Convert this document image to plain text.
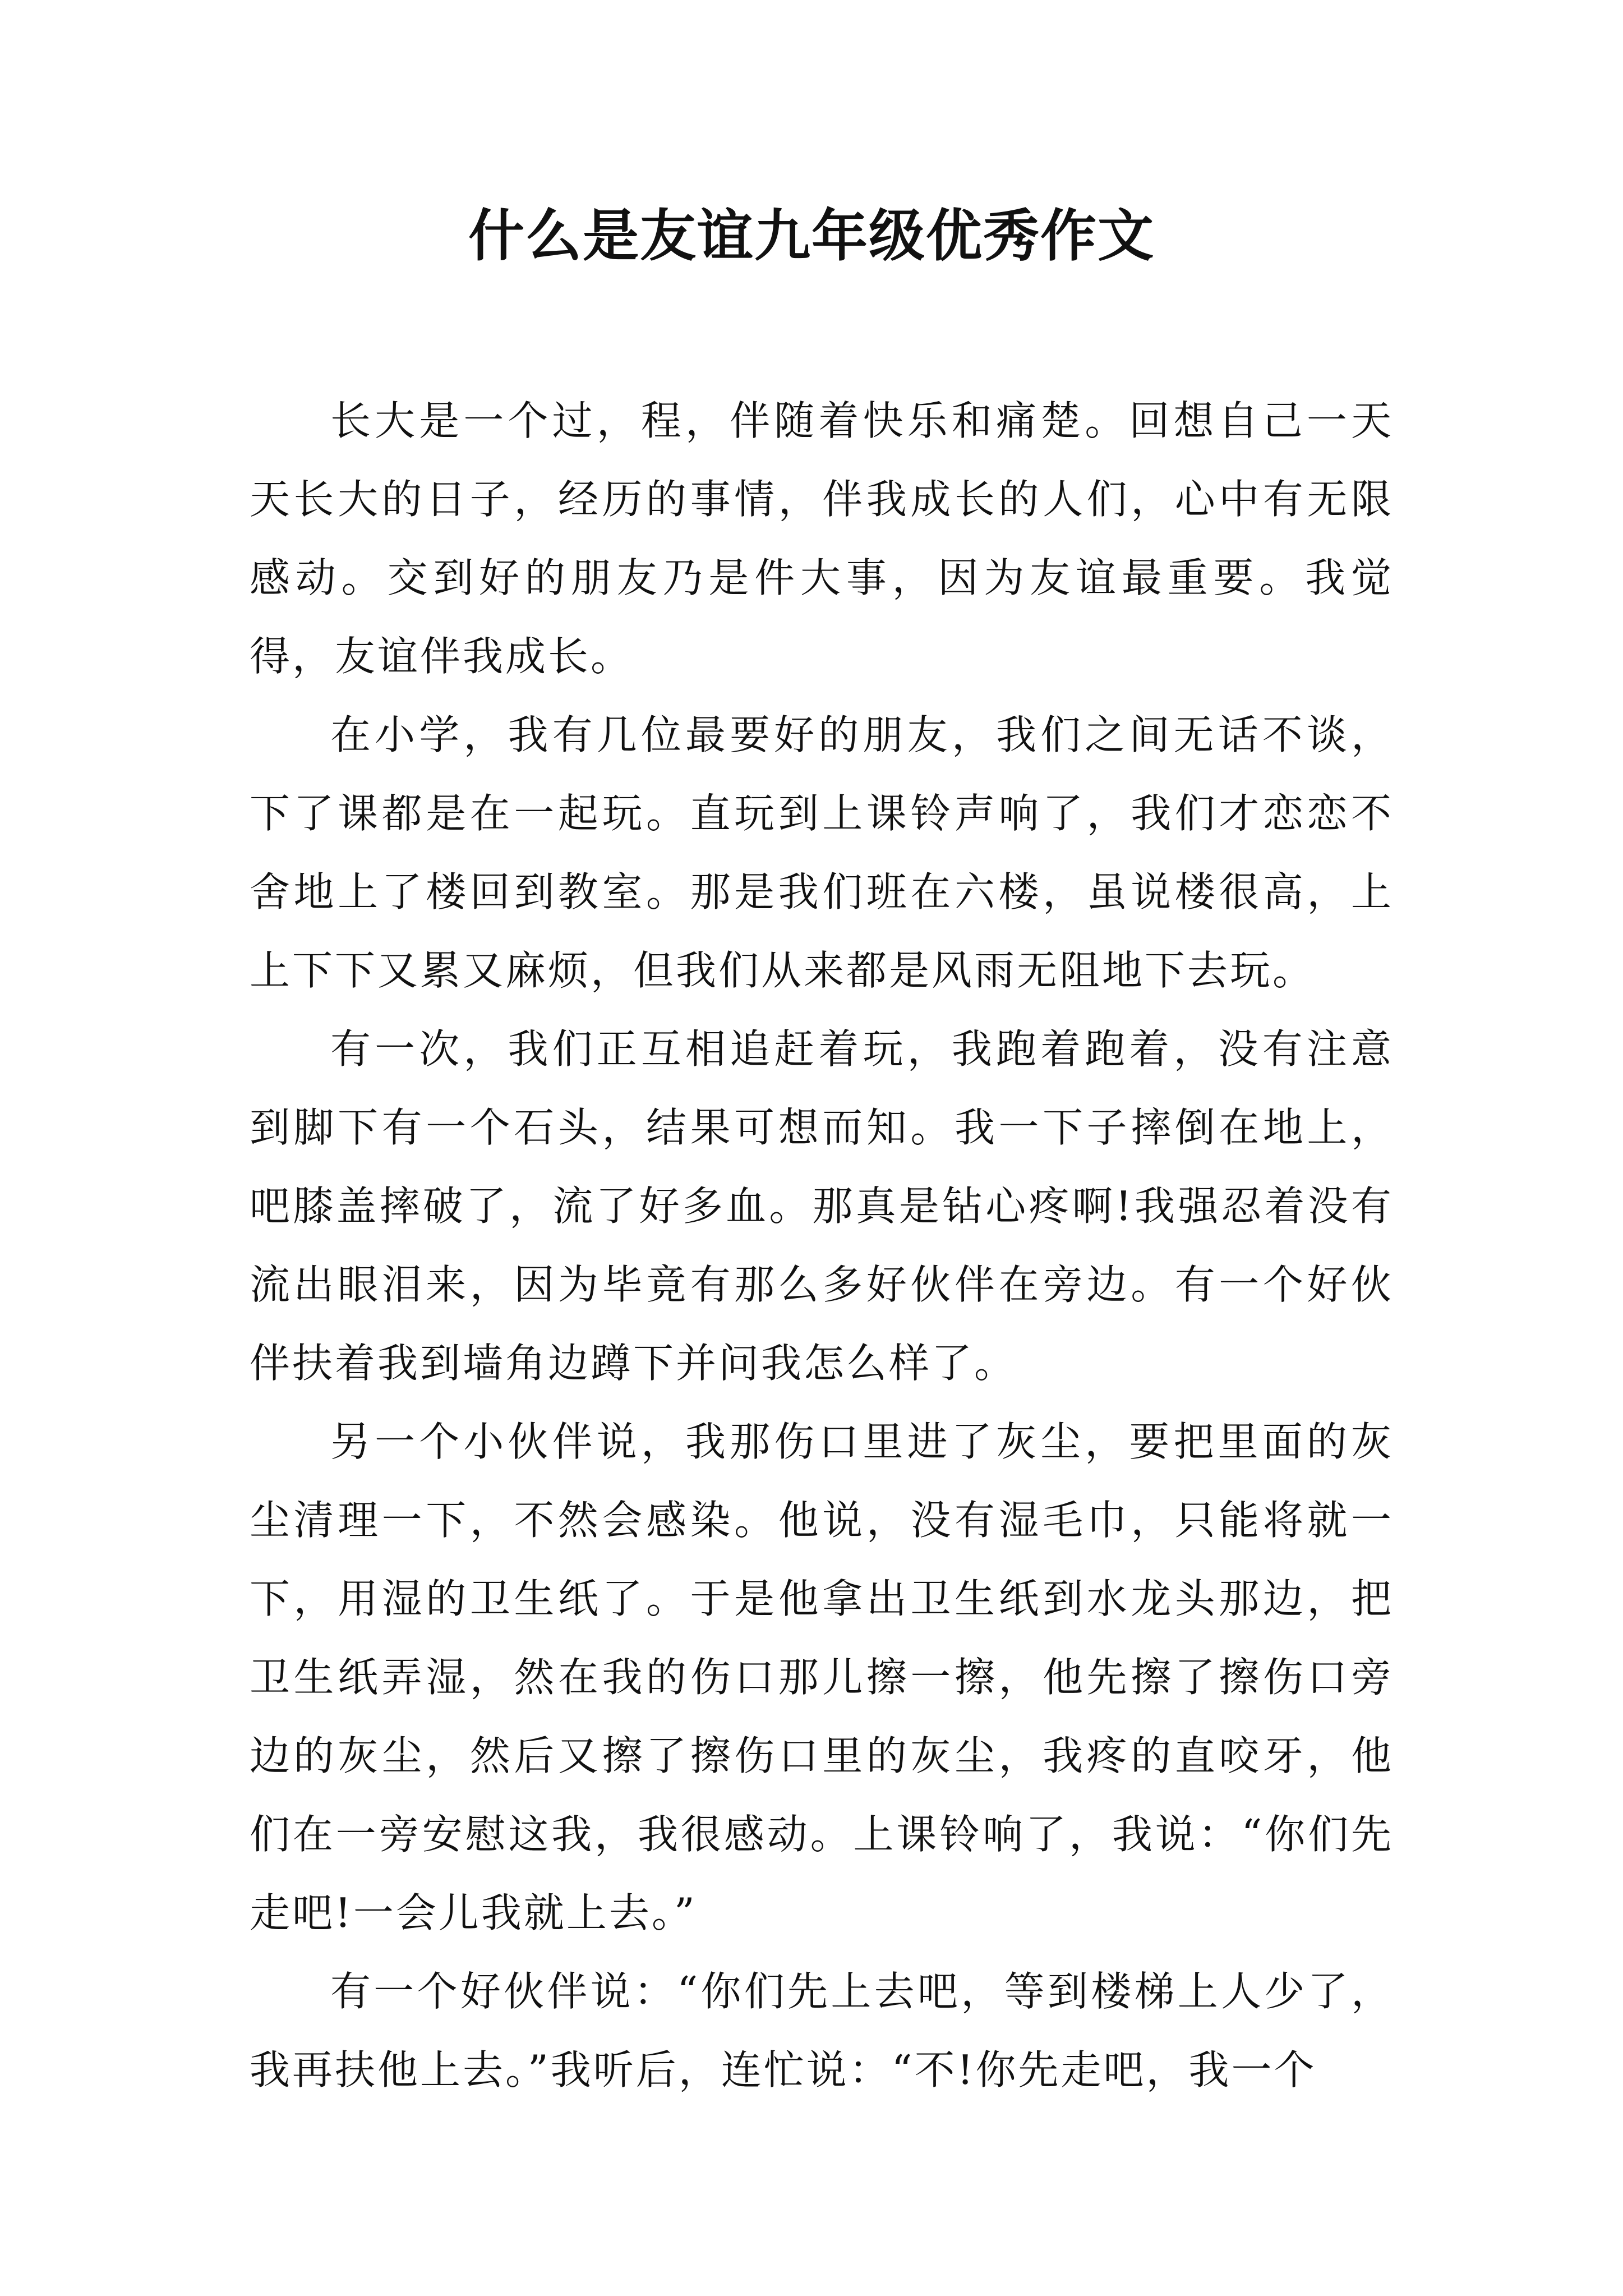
什么是友谊九年级优秀作文

长大是一个过，程，伴随着快乐和痛楚。回想自己一天天长大的日子，经历的事情，伴我成长的人们，心中有无限感动。交到好的朋友乃是件大事，因为友谊最重要。我觉得，友谊伴我成长。

在小学，我有几位最要好的朋友，我们之间无话不谈，下了课都是在一起玩。直玩到上课铃声响了，我们才恋恋不舍地上了楼回到教室。那是我们班在六楼，虽说楼很高，上上下下又累又麻烦，但我们从来都是风雨无阻地下去玩。

有一次，我们正互相追赶着玩，我跑着跑着，没有注意到脚下有一个石头，结果可想而知。我一下子摔倒在地上，吧膝盖摔破了，流了好多血。那真是钻心疼啊!我强忍着没有流出眼泪来，因为毕竟有那么多好伙伴在旁边。有一个好伙伴扶着我到墙角边蹲下并问我怎么样了。

另一个小伙伴说，我那伤口里进了灰尘，要把里面的灰尘清理一下，不然会感染。他说，没有湿毛巾，只能将就一下，用湿的卫生纸了。于是他拿出卫生纸到水龙头那边，把卫生纸弄湿，然在我的伤口那儿擦一擦，他先擦了擦伤口旁边的灰尘，然后又擦了擦伤口里的灰尘，我疼的直咬牙，他们在一旁安慰这我，我很感动。上课铃响了，我说：“你们先走吧!一会儿我就上去。”

有一个好伙伴说：“你们先上去吧，等到楼梯上人少了，我再扶他上去。”我听后，连忙说：“不!你先走吧，我一个
